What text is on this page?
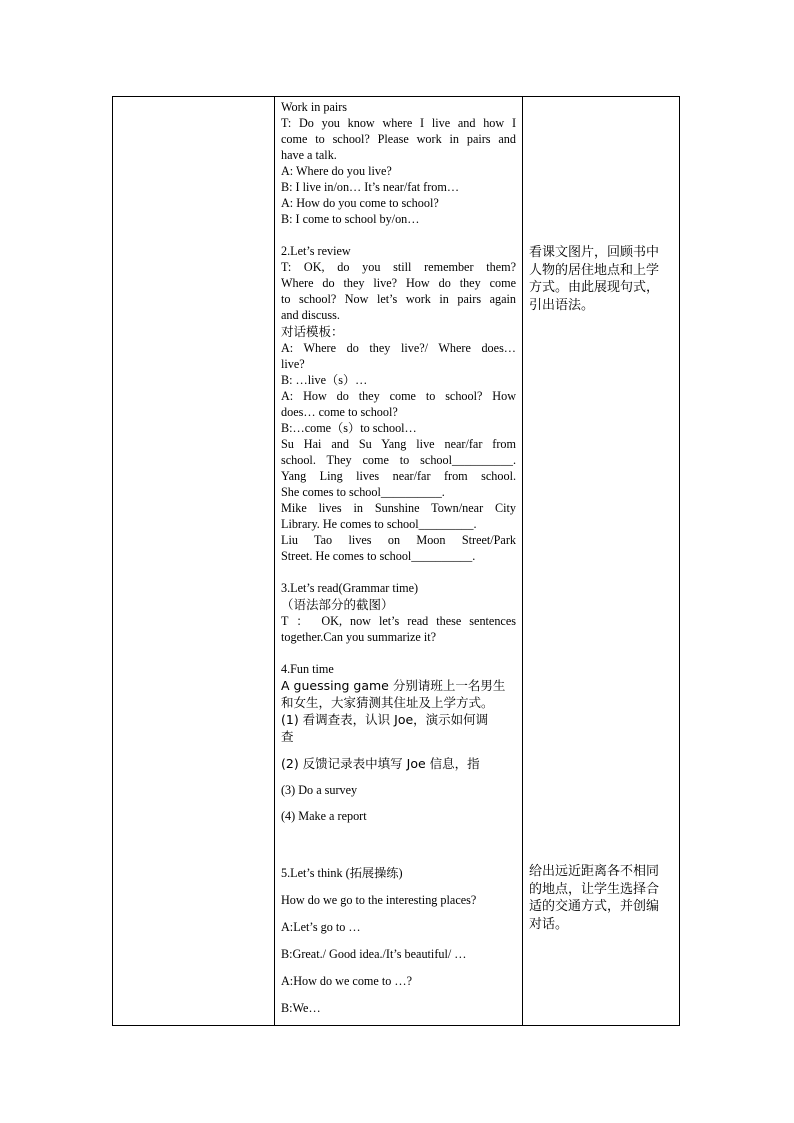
Work in pairs
T: Do you know where I live and how I
come to school? Please work in pairs and
have a talk.
A: Where do you live?
B: I live in/on… It’s near/fat from…
A: How do you come to school?
B: I come to school by/on…
2.Let’s review
T: OK, do you still remember them?
Where do they live? How do they come
to school? Now let’s work in pairs again
and discuss.
对话模板：
A: Where do they live?/ Where does…
live?
B: …live（s）…
A: How do they come to school? How
does… come to school?
B:…come（s）to school…
Su Hai and Su Yang live near/far from
school. They come to school__________.
Yang Ling lives near/far from school.
She comes to school__________.
Mike lives in Sunshine Town/near City
Library. He comes to school_________.
Liu Tao lives on Moon Street/Park
Street. He comes to school__________.
3.Let’s read(Grammar time)
（语法部分的截图）
T ： OK, now let’s read these sentences
together.Can you summarize it?
4.Fun time
A guessing game 分别请班上一名男生
和女生，大家猜测其住址及上学方式。
(1) 看调查表，认识 Joe，演示如何调
查
(2) 反馈记录表中填写 Joe 信息，指
(3) Do a survey
(4) Make a report
5.Let’s think (拓展操练)
How do we go to the interesting places?
A:Let’s go to …
B:Great./ Good idea./It’s beautiful/ …
A:How do we come to …?
B:We…
看课文图片，回顾书中
人物的居住地点和上学
方式。由此展现句式，
引出语法。
给出远近距离各不相同
的地点，让学生选择合
适的交通方式，并创编
对话。
